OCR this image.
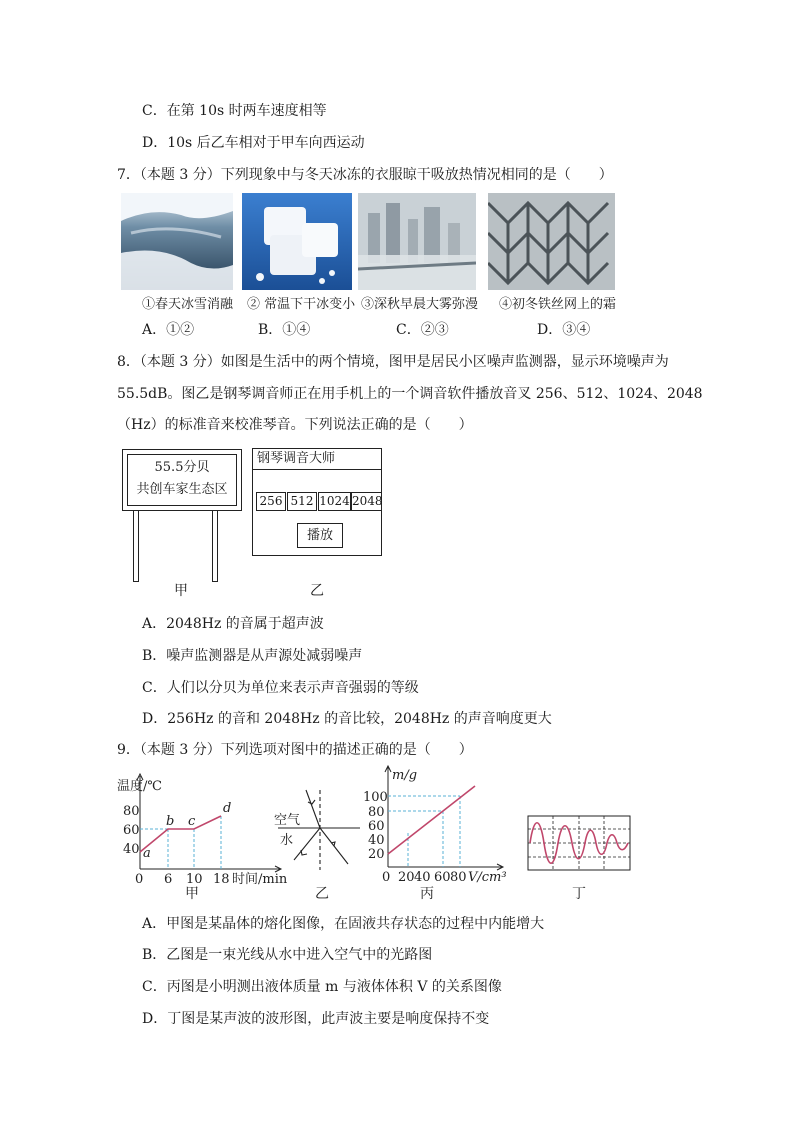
C．在第 10s 时两车速度相等
D．10s 后乙车相对于甲车向西运动
7．（本题 3 分）下列现象中与冬天冰冻的衣服晾干吸放热情况相同的是（　　）
①春天冰雪消融 ② 常温下干冰变小 ③深秋早晨大雾弥漫 ④初冬铁丝网上的霜
A．①②	B．①④	C．②③	D．③④
8．（本题 3 分）如图是生活中的两个情境，图甲是居民小区噪声监测器，显示环境噪声为
55.5dB。图乙是钢琴调音师正在用手机上的一个调音软件播放音叉 256、512、1024、2048
（Hz）的标准音来校准琴音。下列说法正确的是（　　）
55.5分贝
共创车家生态区
甲
钢琴调音大师
256 512 1024 2048
播放
乙
A．2048Hz 的音属于超声波
B．噪声监测器是从声源处减弱噪声
C．人们以分贝为单位来表示声音强弱的等级
D．256Hz 的音和 2048Hz 的音比较，2048Hz 的声音响度更大
9．（本题 3 分）下列选项对图中的描述正确的是（　　）
温度/℃
80
60
40
0 6 10 18 时间/min
a
b c
d
甲
空气
水
乙
m/g
100
80
60
40
20
0 20 40 60 80 V/cm³
丙	丁
A．甲图是某晶体的熔化图像，在固液共存状态的过程中内能增大
B．乙图是一束光线从水中进入空气中的光路图
C．丙图是小明测出液体质量 m 与液体体积 V 的关系图像
D．丁图是某声波的波形图，此声波主要是响度保持不变
